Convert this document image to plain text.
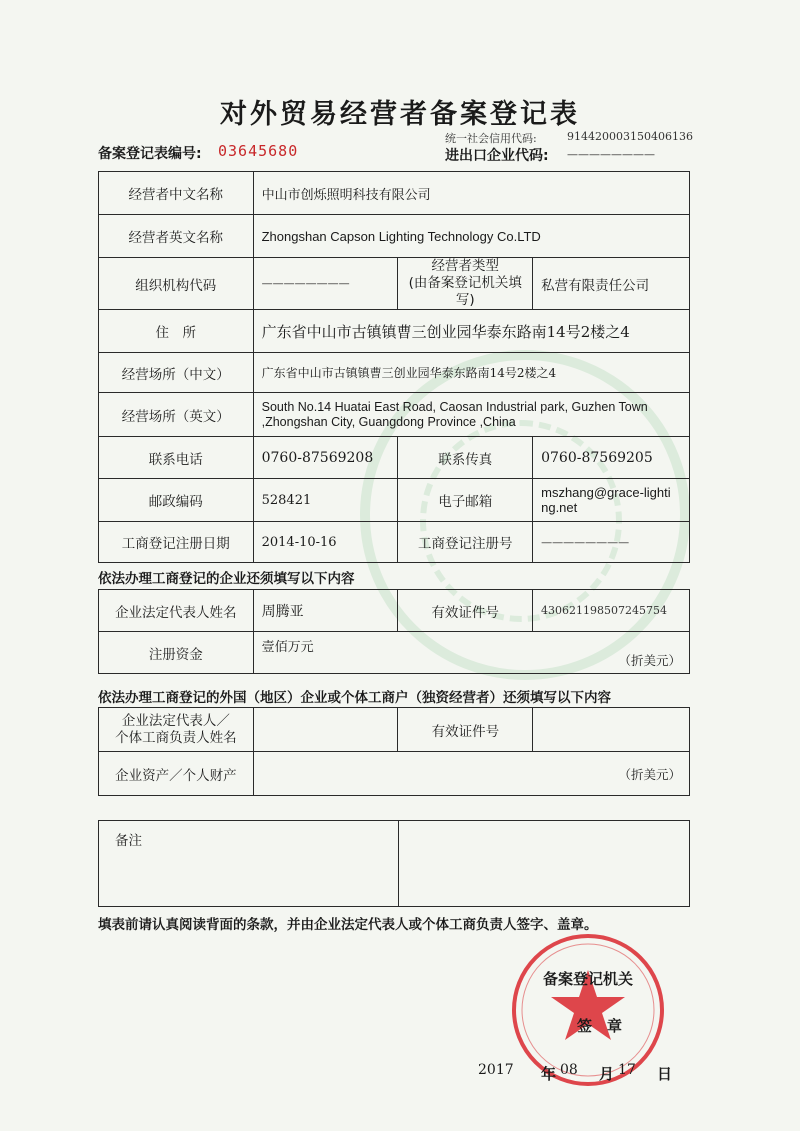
对外贸易经营者备案登记表
备案登记表编号: 03645680
统一社会信用代码:	914420003150406136
进出口企业代码: ————————
经营者中文名称	中山市创烁照明科技有限公司		
经营者英文名称	Zhongshan Capson Lighting Technology Co.LTD		
组织机构代码	————————	经营者类型
(由备案登记机关填写)	私营有限责任公司
住　所	广东省中山市古镇镇曹三创业园华泰东路南14号2楼之4		
经营场所（中文）	广东省中山市古镇镇曹三创业园华泰东路南14号2楼之4		
经营场所（英文）	South No.14 Huatai East Road, Caosan Industrial park, Guzhen Town
,Zhongshan City, Guangdong Province ,China		

联系电话	0760-87569208	联系传真	0760-87569205
邮政编码	528421	电子邮箱	mszhang@grace-lighti
ng.net

工商登记注册日期	2014-10-16	工商登记注册号	————————
依法办理工商登记的企业还须填写以下内容
企业法定代表人姓名	周腾亚	有效证件号	430621198507245754
注册资金	壹佰万元
（折美元）		
依法办理工商登记的外国（地区）企业或个体工商户（独资经营者）还须填写以下内容
企业法定代表人／
个体工商负责人姓名		有效证件号	
企业资产／个人财产	（折美元）		
备注	
填表前请认真阅读背面的条款，并由企业法定代表人或个体工商负责人签字、盖章。
备案登记机关
签　章
2017 年 08 月 17 日
